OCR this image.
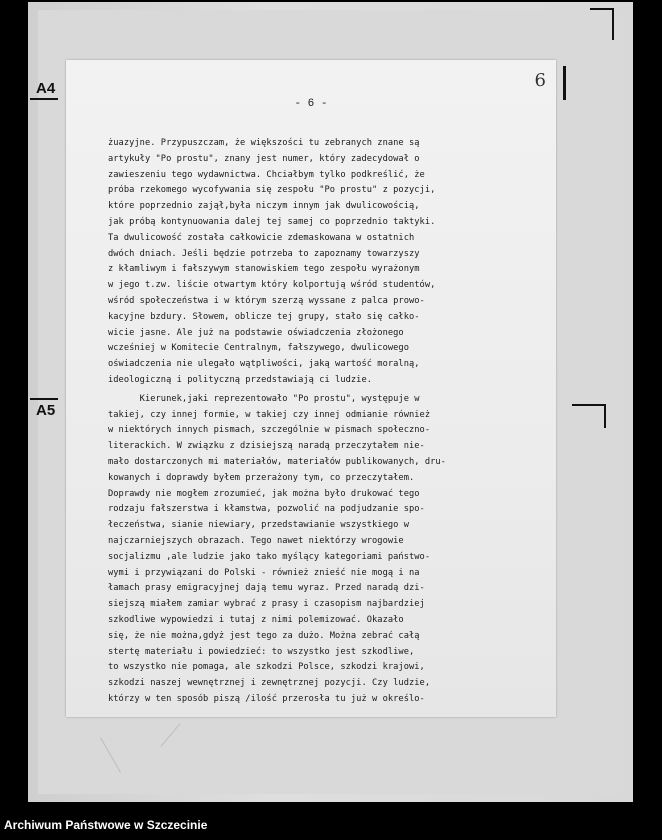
A4
A5
- 6 -
6
żuazyjne. Przypuszczam, że większości tu zebranych znane są
artykuły "Po prostu", znany jest numer, który zadecydował o
zawieszeniu tego wydawnictwa. Chciałbym tylko podkreślić, że
próba rzekomego wycofywania się zespołu "Po prostu" z pozycji,
które poprzednio zajął,była niczym innym jak dwulicowością,
jak próbą kontynuowania dalej tej samej co poprzednio taktyki.
Ta dwulicowość została całkowicie zdemaskowana w ostatnich
dwóch dniach. Jeśli będzie potrzeba to zapoznamy towarzyszy
z kłamliwym i fałszywym stanowiskiem tego zespołu wyrażonym
w jego t.zw. liście otwartym który kolportują wśród studentów,
wśród społeczeństwa i w którym szerzą wyssane z palca prowo-
kacyjne bzdury. Słowem, oblicze tej grupy, stało się całko-
wicie jasne. Ale już na podstawie oświadczenia złożonego
wcześniej w Komitecie Centralnym, fałszywego, dwulicowego
oświadczenia nie ulegało wątpliwości, jaką wartość moralną,
ideologiczną i polityczną przedstawiają ci ludzie.
Kierunek,jaki reprezentowało "Po prostu", występuje w
takiej, czy innej formie, w takiej czy innej odmianie również
w niektórych innych pismach, szczególnie w pismach społeczno-
literackich. W związku z dzisiejszą naradą przeczytałem nie-
mało dostarczonych mi materiałów, materiałów publikowanych, dru-
kowanych i doprawdy byłem przerażony tym, co przeczytałem.
Doprawdy nie mogłem zrozumieć, jak można było drukować tego
rodzaju fałszerstwa i kłamstwa, pozwolić na podjudzanie spo-
łeczeństwa, sianie niewiary, przedstawianie wszystkiego w
najczarniejszych obrazach. Tego nawet niektórzy wrogowie
socjalizmu ,ale ludzie jako tako myślący kategoriami państwo-
wymi i przywiązani do Polski - również znieść nie mogą i na
łamach prasy emigracyjnej dają temu wyraz. Przed naradą dzi-
siejszą miałem zamiar wybrać z prasy i czasopism najbardziej
szkodliwe wypowiedzi i tutaj z nimi polemizować. Okazało
się, że nie można,gdyż jest tego za dużo. Można zebrać całą
stertę materiału i powiedzieć: to wszystko jest szkodliwe,
to wszystko nie pomaga, ale szkodzi Polsce, szkodzi krajowi,
szkodzi naszej wewnętrznej i zewnętrznej pozycji. Czy ludzie,
którzy w ten sposób piszą /ilość przerosła tu już w określo-
Archiwum Państwowe w Szczecinie
